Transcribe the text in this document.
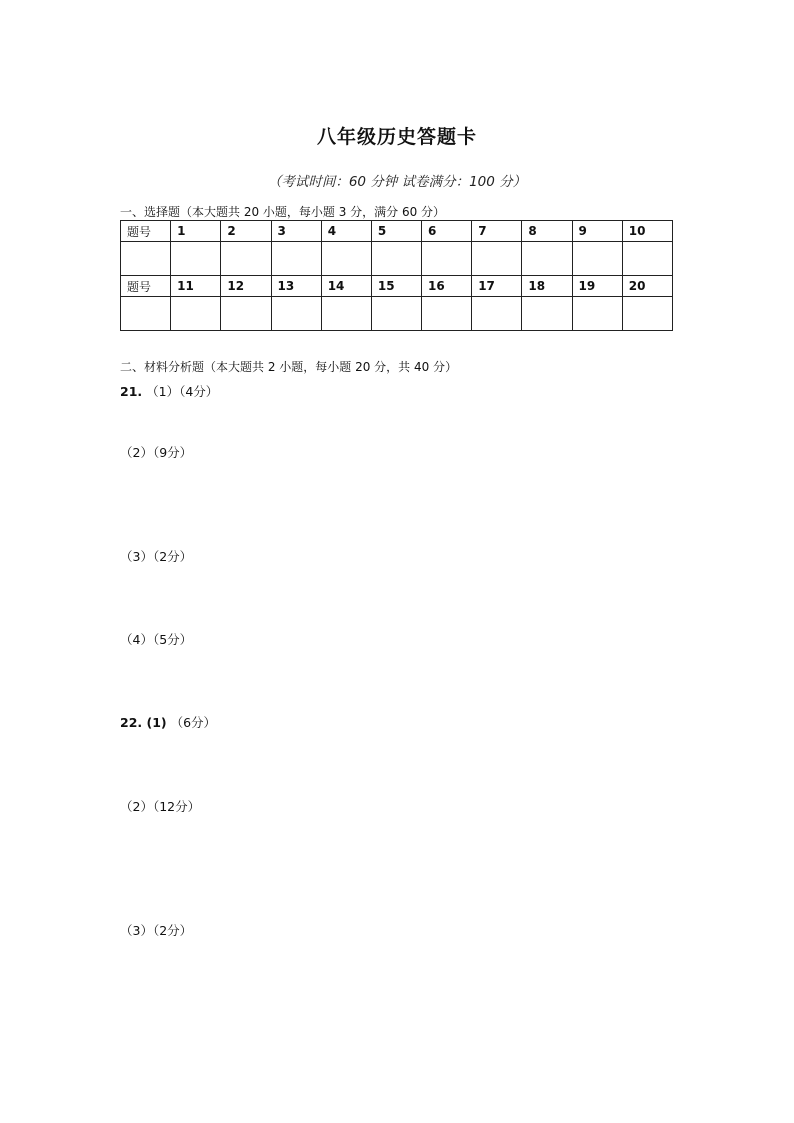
八年级历史答题卡
（考试时间：60 分钟 试卷满分：100 分）
一、选择题（本大题共 20 小题，每小题 3 分，满分 60 分）
题号	1	2	3	4	5	6	7	8	9	10

题号	11	12	13	14	15	16	17	18	19	20

二、材料分析题（本大题共 2 小题，每小题 20 分，共 40 分）
21. （1）（4分）
（2）（9分）
（3）（2分）
（4）（5分）
22. (1) （6分）
（2）（12分）
（3）（2分）
